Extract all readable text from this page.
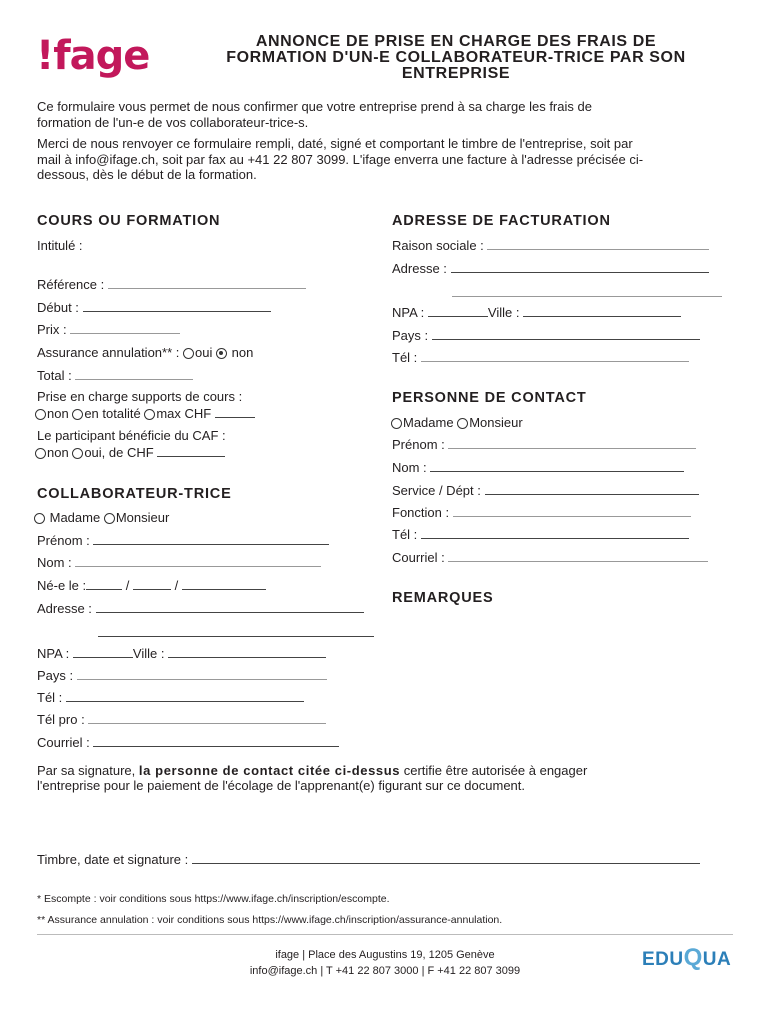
!fage	ANNONCE DE PRISE EN CHARGE DES FRAIS DE
FORMATION D'UN-E COLLABORATEUR-TRICE PAR SON
ENTREPRISE
Ce formulaire vous permet de nous confirmer que votre entreprise prend à sa charge les frais de
formation de l'un-e de vos collaborateur-trice-s.
Merci de nous renvoyer ce formulaire rempli, daté, signé et comportant le timbre de l'entreprise, soit par
mail à info@ifage.ch, soit par fax au +41 22 807 3099. L'ifage enverra une facture à l'adresse précisée ci-
dessous, dès le début de la formation.
COURS OU FORMATION
Intitulé :
Référence :
Début :
Prix :
Assurance annulation** : oui non
Total :
Prise en charge supports de cours :
non en totalité max CHF
Le participant bénéficie du CAF :
non oui, de CHF
COLLABORATEUR-TRICE
Madame Monsieur
Prénom :
Nom :
Né-e le :	/	/
Adresse :
NPA :	Ville :
Pays :
Tél :
Tél pro :
Courriel :
ADRESSE DE FACTURATION
Raison sociale :
Adresse :
NPA :	Ville :
Pays :
Tél :
PERSONNE DE CONTACT
Madame Monsieur
Prénom :
Nom :
Service / Dépt :
Fonction :
Tél :
Courriel :
REMARQUES
Par sa signature, la personne de contact citée ci-dessus certifie être autorisée à engager
l'entreprise pour le paiement de l'écolage de l'apprenant(e) figurant sur ce document.
Timbre, date et signature :
* Escompte : voir conditions sous https://www.ifage.ch/inscription/escompte.
** Assurance annulation : voir conditions sous https://www.ifage.ch/inscription/assurance-annulation.
ifage | Place des Augustins 19, 1205 Genève
info@ifage.ch | T +41 22 807 3000 | F +41 22 807 3099
EDUQUA
